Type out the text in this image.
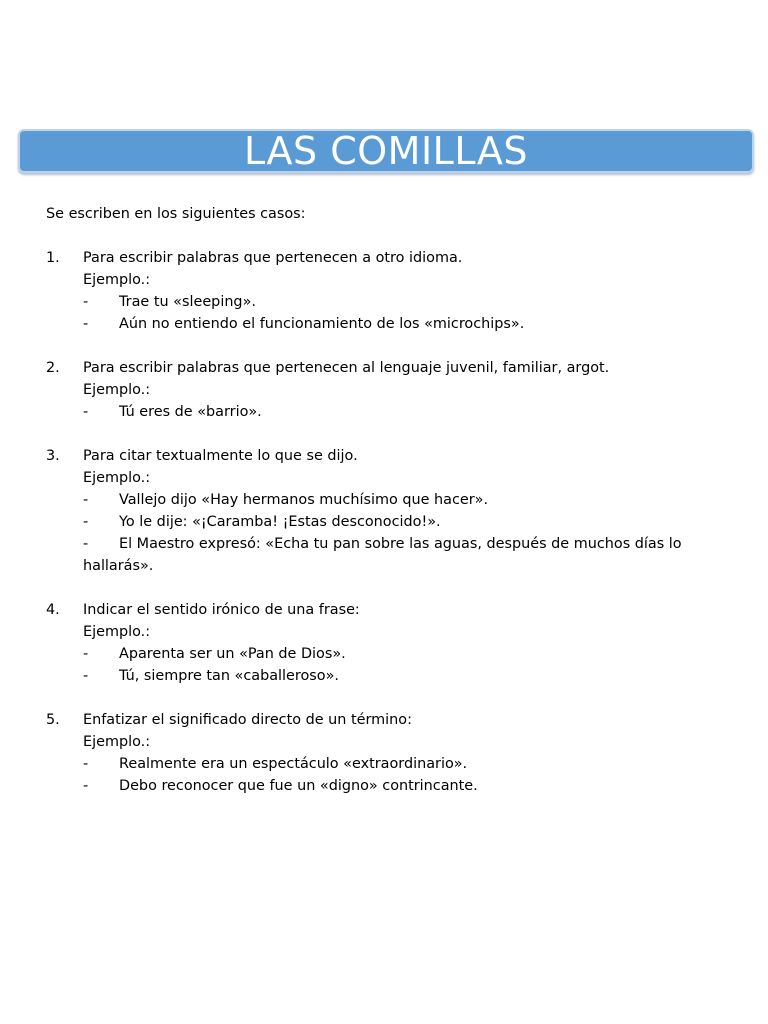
LAS COMILLAS
Se escriben en los siguientes casos:
1.	Para escribir palabras que pertenecen a otro idioma.
Ejemplo.:
-	Trae tu «sleeping».
-	Aún no entiendo el funcionamiento de los «microchips».
2.	Para escribir palabras que pertenecen al lenguaje juvenil, familiar, argot.
Ejemplo.:
-	Tú eres de «barrio».
3.	Para citar textualmente lo que se dijo.
Ejemplo.:
-	Vallejo dijo «Hay hermanos muchísimo que hacer».
-	Yo le dije: «¡Caramba! ¡Estas desconocido!».
- El Maestro expresó: «Echa tu pan sobre las aguas, después de muchos días lo hallarás».
4.	Indicar el sentido irónico de una frase:
Ejemplo.:
-	Aparenta ser un «Pan de Dios».
-	Tú, siempre tan «caballeroso».
5.	Enfatizar el significado directo de un término:
Ejemplo.:
-	Realmente era un espectáculo «extraordinario».
-	Debo reconocer que fue un «digno» contrincante.
